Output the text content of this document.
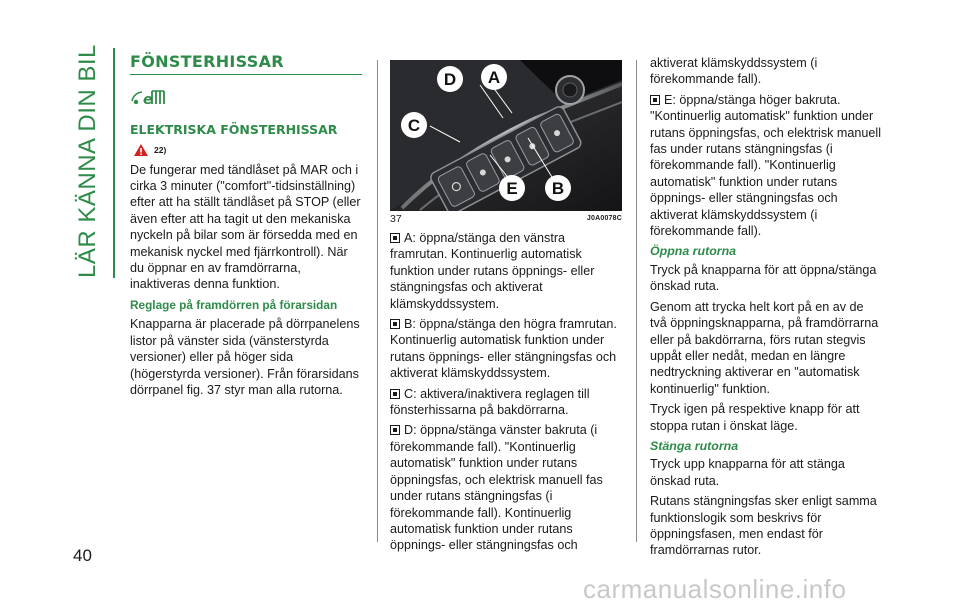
LÄR KÄNNA DIN BIL	FÖNSTERHISSAR
e
ELEKTRISKA FÖNSTERHISSAR
22)

De fungerar med tändlåset på MAR och i cirka 3 minuter ("comfort"-tidsinställning) efter att ha ställt tändlåset på STOP (eller även efter att ha tagit ut den mekaniska nyckeln på bilar som är försedda med en mekanisk nyckel med fjärrkontroll). När du öppnar en av framdörrarna, inaktiveras denna funktion.

Reglage på framdörren på förarsidan

Knapparna är placerade på dörrpanelens listor på vänster sida (vänsterstyrda versioner) eller på höger sida (högerstyrda versioner). Från förarsidans dörrpanel fig. 37 styr man alla rutorna.

D A
C
E B
37	J0A0078C

A: öppna/stänga den vänstra framrutan. Kontinuerlig automatisk funktion under rutans öppnings- eller stängningsfas och aktiverat klämskyddssystem.

B: öppna/stänga den högra framrutan. Kontinuerlig automatisk funktion under rutans öppnings- eller stängningsfas och aktiverat klämskyddssystem.

C: aktivera/inaktivera reglagen till fönsterhissarna på bakdörrarna.

D: öppna/stänga vänster bakruta (i förekommande fall). "Kontinuerlig automatisk" funktion under rutans öppningsfas, och elektrisk manuell fas under rutans stängningsfas (i förekommande fall). Kontinuerlig automatisk funktion under rutans öppnings- eller stängningsfas och

aktiverat klämskyddssystem (i förekommande fall).

E: öppna/stänga höger bakruta. "Kontinuerlig automatisk" funktion under rutans öppningsfas, och elektrisk manuell fas under rutans stängningsfas (i förekommande fall). "Kontinuerlig automatisk" funktion under rutans öppnings- eller stängningsfas och aktiverat klämskyddssystem (i förekommande fall).

Öppna rutorna

Tryck på knapparna för att öppna/stänga önskad ruta.

Genom att trycka helt kort på en av de två öppningsknapparna, på framdörrarna eller på bakdörrarna, förs rutan stegvis uppåt eller nedåt, medan en längre nedtryckning aktiverar en "automatisk kontinuerlig" funktion.

Tryck igen på respektive knapp för att stoppa rutan i önskat läge.

Stänga rutorna

Tryck upp knapparna för att stänga önskad ruta.

Rutans stängningsfas sker enligt samma funktionslogik som beskrivs för öppningsfasen, men endast för framdörrarnas rutor.

40
carmanualsonline.info
